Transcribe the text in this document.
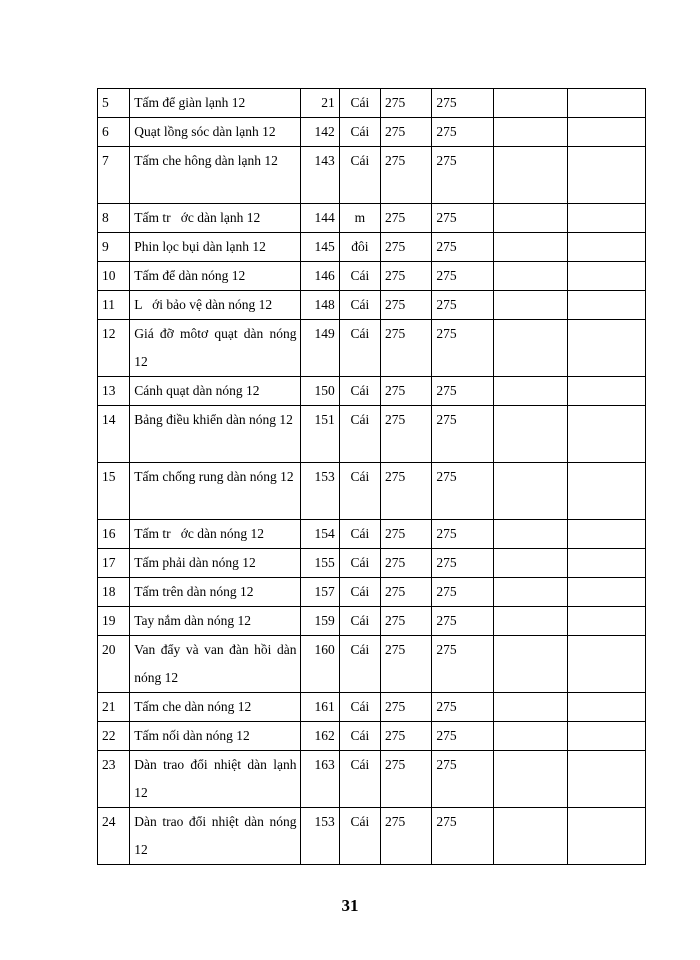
5	Tấm để giàn lạnh 12	21	Cái	275	275		
6	Quạt lồng sóc dàn lạnh 12	142	Cái	275	275		
7	Tấm che hông dàn lạnh 12	143	Cái	275	275		
8	Tấm tr   ớc dàn lạnh 12	144	m	275	275		
9	Phin lọc bụi dàn lạnh 12	145	đôi	275	275		
10	Tấm để dàn nóng 12	146	Cái	275	275		
11	L   ới bảo vệ dàn nóng 12	148	Cái	275	275		
12	Giá đỡ môtơ quạt dàn nóng 12	149	Cái	275	275		
13	Cánh quạt dàn nóng 12	150	Cái	275	275		
14	Bảng điều khiển dàn nóng 12	151	Cái	275	275		
15	Tấm chống rung dàn nóng 12	153	Cái	275	275		
16	Tấm tr   ớc dàn nóng 12	154	Cái	275	275		
17	Tấm phải dàn nóng 12	155	Cái	275	275		
18	Tấm trên dàn nóng 12	157	Cái	275	275		
19	Tay nắm dàn nóng 12	159	Cái	275	275		
20	Van đẩy và van đàn hồi dàn nóng 12	160	Cái	275	275		
21	Tấm che dàn nóng 12	161	Cái	275	275		
22	Tấm nối dàn nóng 12	162	Cái	275	275		
23	Dàn trao đổi nhiệt dàn lạnh 12	163	Cái	275	275		
24	Dàn trao đổi nhiệt dàn nóng 12	153	Cái	275	275		
31
